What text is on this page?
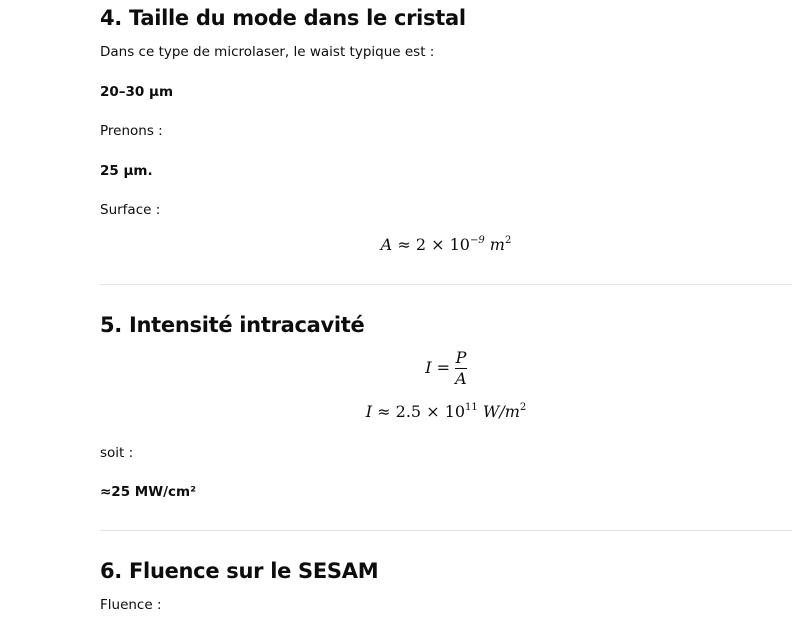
4. Taille du mode dans le cristal

Dans ce type de microlaser, le waist typique est :

20–30 µm

Prenons :

25 µm.

Surface :

$A \approx 2 \times 10^{-9}$ $m^2$
5. Intensité intracavité
$I = \frac{P}{A}$
$I \approx 2.5 \times 10^{11}$ $W/m^2$

soit :

≈25 MW/cm²

6. Fluence sur le SESAM

Fluence :
